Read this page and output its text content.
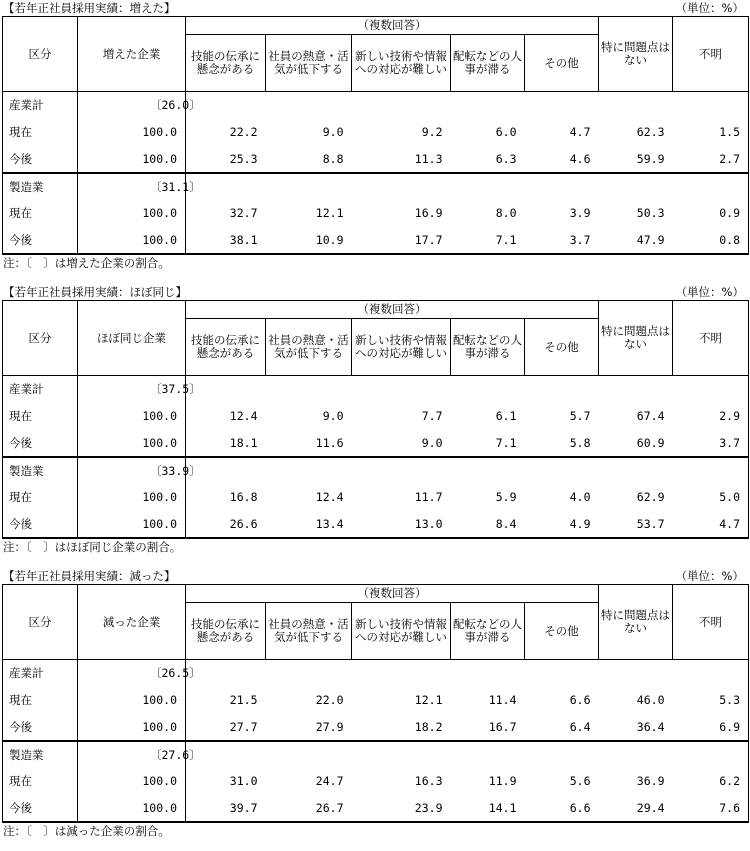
【若年正社員採用実績：増えた】	（単位：%）
区分	増えた企業	（複数回答）					特に問題点はない	不明
		技能の伝承に懸念がある	社員の熱意・活気が低下する	新しい技術や情報への対応が難しい	配転などの人事が滞る	その他		
産業計	〔26.0〕							
現在	100.0	22.2	9.0	9.2	6.0	4.7	62.3	1.5
今後	100.0	25.3	8.8	11.3	6.3	4.6	59.9	2.7
製造業	〔31.1〕							
現在	100.0	32.7	12.1	16.9	8.0	3.9	50.3	0.9
今後	100.0	38.1	10.9	17.7	7.1	3.7	47.9	0.8
注：〔　〕は増えた企業の割合。
【若年正社員採用実績：ほぼ同じ】	（単位：%）
区分	ほぼ同じ企業	（複数回答）					特に問題点はない	不明
		技能の伝承に懸念がある	社員の熱意・活気が低下する	新しい技術や情報への対応が難しい	配転などの人事が滞る	その他		
産業計	〔37.5〕							
現在	100.0	12.4	9.0	7.7	6.1	5.7	67.4	2.9
今後	100.0	18.1	11.6	9.0	7.1	5.8	60.9	3.7
製造業	〔33.9〕							
現在	100.0	16.8	12.4	11.7	5.9	4.0	62.9	5.0
今後	100.0	26.6	13.4	13.0	8.4	4.9	53.7	4.7
注：〔　〕はほぼ同じ企業の割合。
【若年正社員採用実績：減った】	（単位：%）
区分	減った企業	（複数回答）					特に問題点はない	不明
		技能の伝承に懸念がある	社員の熱意・活気が低下する	新しい技術や情報への対応が難しい	配転などの人事が滞る	その他		
産業計	〔26.5〕							
現在	100.0	21.5	22.0	12.1	11.4	6.6	46.0	5.3
今後	100.0	27.7	27.9	18.2	16.7	6.4	36.4	6.9
製造業	〔27.6〕							
現在	100.0	31.0	24.7	16.3	11.9	5.6	36.9	6.2
今後	100.0	39.7	26.7	23.9	14.1	6.6	29.4	7.6
注：〔　〕は減った企業の割合。
